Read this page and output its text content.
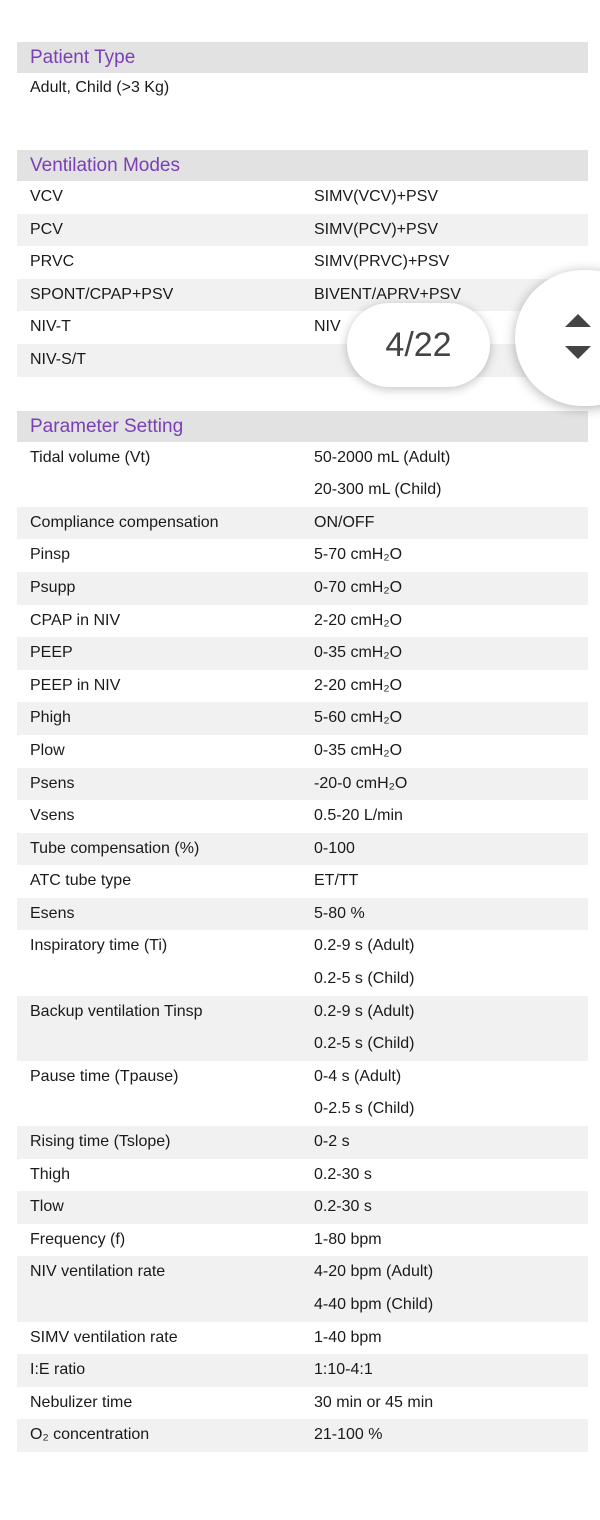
Patient Type
Adult, Child (>3 Kg)
Ventilation Modes
VCV	SIMV(VCV)+PSV
PCV	SIMV(PCV)+PSV
PRVC	SIMV(PRVC)+PSV
SPONT/CPAP+PSV	BIVENT/APRV+PSV
NIV-T	NIV
NIV-S/T
Parameter Setting
Tidal volume (Vt)	50-2000 mL (Adult)
20-300 mL (Child)
Compliance compensation	ON/OFF
Pinsp	5-70 cmH₂O
Psupp	0-70 cmH₂O
CPAP in NIV	2-20 cmH₂O
PEEP	0-35 cmH₂O
PEEP in NIV	2-20 cmH₂O
Phigh	5-60 cmH₂O
Plow	0-35 cmH₂O
Psens	-20-0 cmH₂O
Vsens	0.5-20 L/min
Tube compensation (%)	0-100
ATC tube type	ET/TT
Esens	5-80 %
Inspiratory time (Ti)	0.2-9 s (Adult)
0.2-5 s (Child)
Backup ventilation Tinsp	0.2-9 s (Adult)
0.2-5 s (Child)
Pause time (Tpause)	0-4 s (Adult)
0-2.5 s (Child)
Rising time (Tslope)	0-2 s
Thigh	0.2-30 s
Tlow	0.2-30 s
Frequency (f)	1-80 bpm
NIV ventilation rate	4-20 bpm (Adult)
4-40 bpm (Child)
SIMV ventilation rate	1-40 bpm
I:E ratio	1:10-4:1
Nebulizer time	30 min or 45 min
O₂ concentration	21-100 %
4/22
